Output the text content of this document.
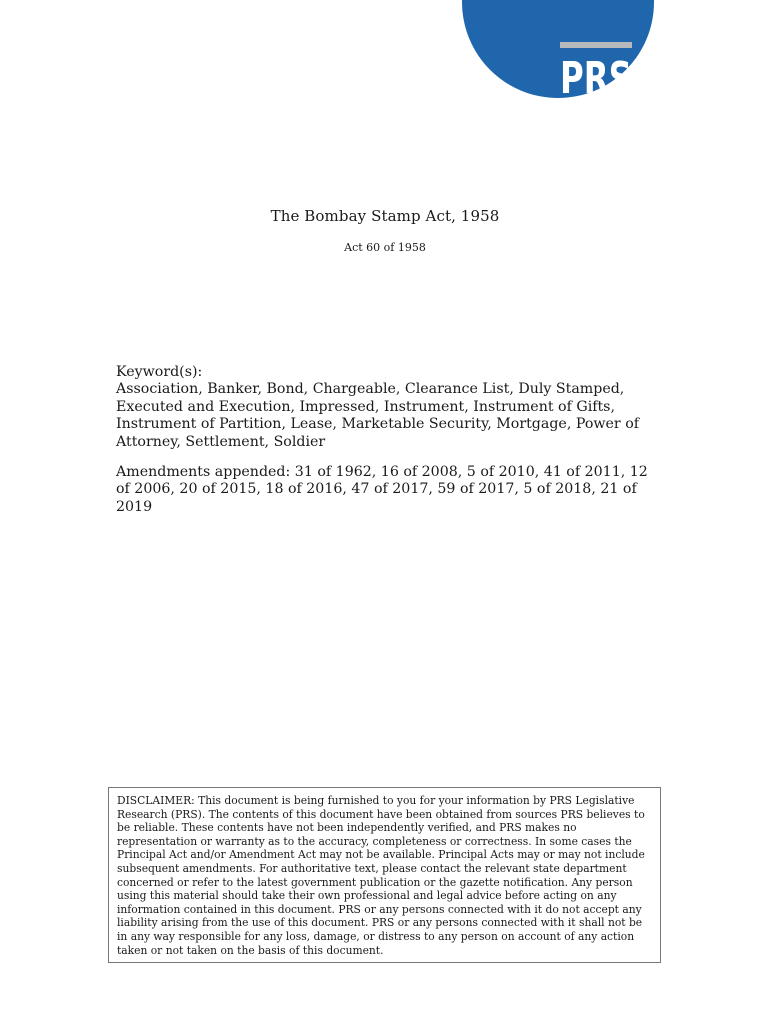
PRS
The Bombay Stamp Act, 1958
Act 60 of 1958
Keyword(s):
Association, Banker, Bond, Chargeable, Clearance List, Duly Stamped, Executed and Execution, Impressed, Instrument, Instrument of Gifts, Instrument of Partition, Lease, Marketable Security, Mortgage, Power of Attorney, Settlement, Soldier
Amendments appended: 31 of 1962, 16 of 2008, 5 of 2010, 41 of 2011, 12 of 2006, 20 of 2015, 18 of 2016, 47 of 2017, 59 of 2017, 5 of 2018, 21 of 2019

DISCLAIMER: This document is being furnished to you for your information by PRS Legislative Research (PRS). The contents of this document have been obtained from sources PRS believes to be reliable. These contents have not been independently verified, and PRS makes no representation or warranty as to the accuracy, completeness or correctness. In some cases the Principal Act and/or Amendment Act may not be available. Principal Acts may or may not include subsequent amendments. For authoritative text, please contact the relevant state department concerned or refer to the latest government publication or the gazette notification. Any person using this material should take their own professional and legal advice before acting on any information contained in this document. PRS or any persons connected with it do not accept any liability arising from the use of this document. PRS or any persons connected with it shall not be in any way responsible for any loss, damage, or distress to any person on account of any action taken or not taken on the basis of this document.
